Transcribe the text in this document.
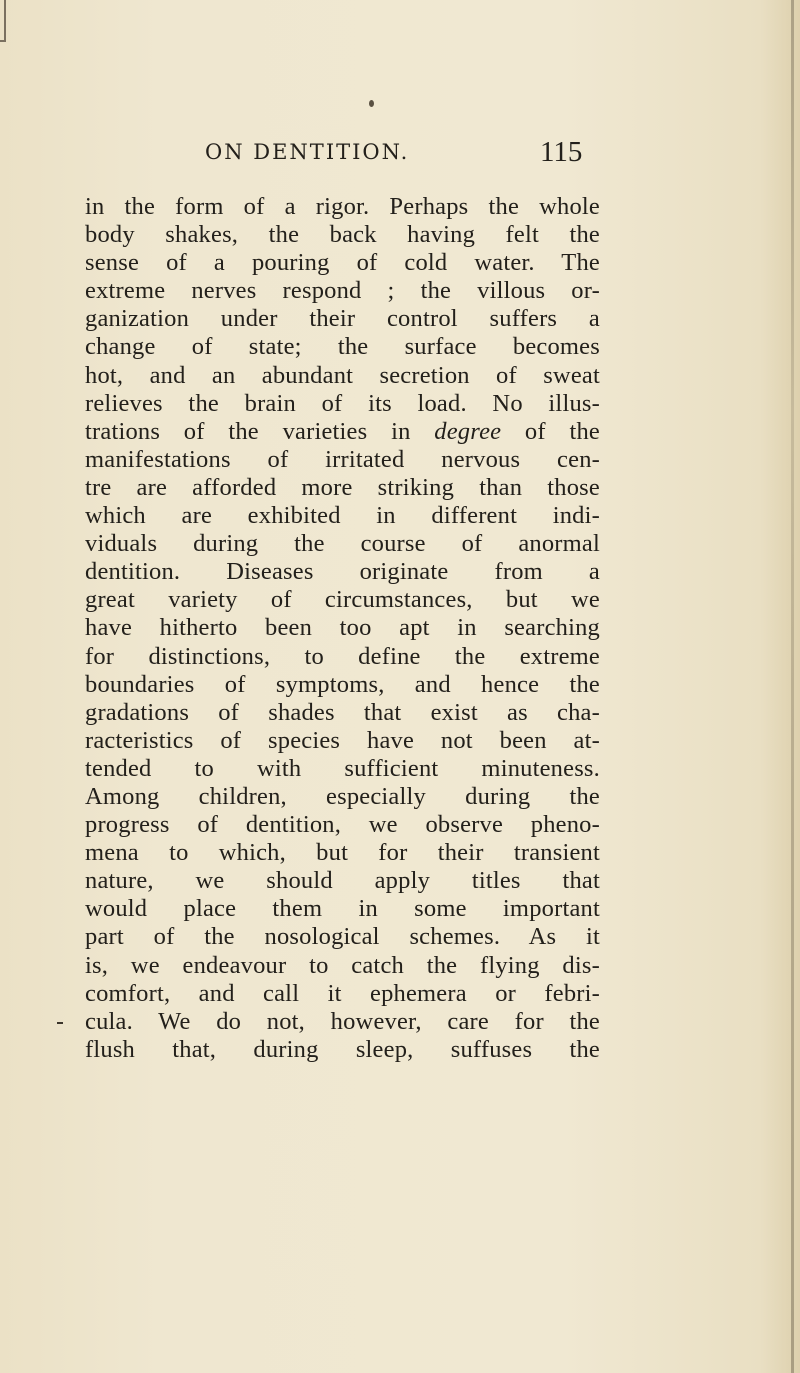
ON DENTITION.	115
in the form of a rigor. Perhaps the whole
body shakes, the back having felt the
sense of a pouring of cold water. The
extreme nerves respond ; the villous or-
ganization under their control suffers a
change of state; the surface becomes
hot, and an abundant secretion of sweat
relieves the brain of its load. No illus-
trations of the varieties in degree of the
manifestations of irritated nervous cen-
tre are afforded more striking than those
which are exhibited in different indi-
viduals during the course of anormal
dentition. Diseases originate from a
great variety of circumstances, but we
have hitherto been too apt in searching
for distinctions, to define the extreme
boundaries of symptoms, and hence the
gradations of shades that exist as cha-
racteristics of species have not been at-
tended to with sufficient minuteness.
Among children, especially during the
progress of dentition, we observe pheno-
mena to which, but for their transient
nature, we should apply titles that
would place them in some important
part of the nosological schemes. As it
is, we endeavour to catch the flying dis-
comfort, and call it ephemera or febri-
cula. We do not, however, care for the
flush that, during sleep, suffuses the
